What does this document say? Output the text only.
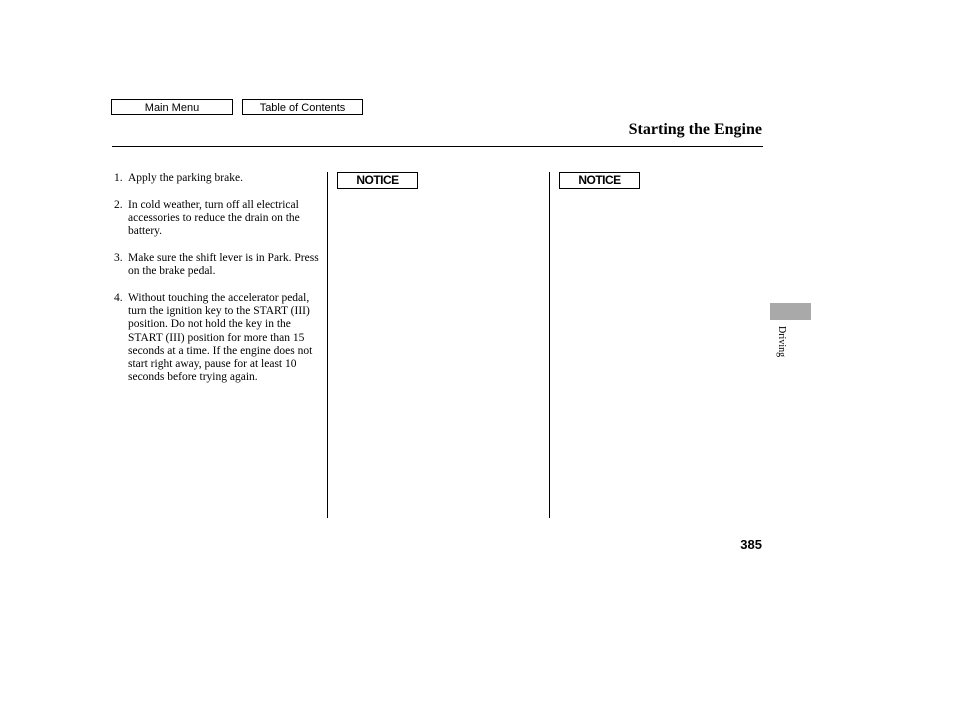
Main Menu	Table of Contents
Starting the Engine
1. Apply the parking brake.
2. In cold weather, turn off all electrical accessories to reduce the drain on the battery.
3. Make sure the shift lever is in Park. Press on the brake pedal.
4. Without touching the accelerator pedal, turn the ignition key to the START (III) position. Do not hold the key in the START (III) position for more than 15 seconds at a time. If the engine does not start right away, pause for at least 10 seconds before trying again.
NOTICE	NOTICE
Driving
385
